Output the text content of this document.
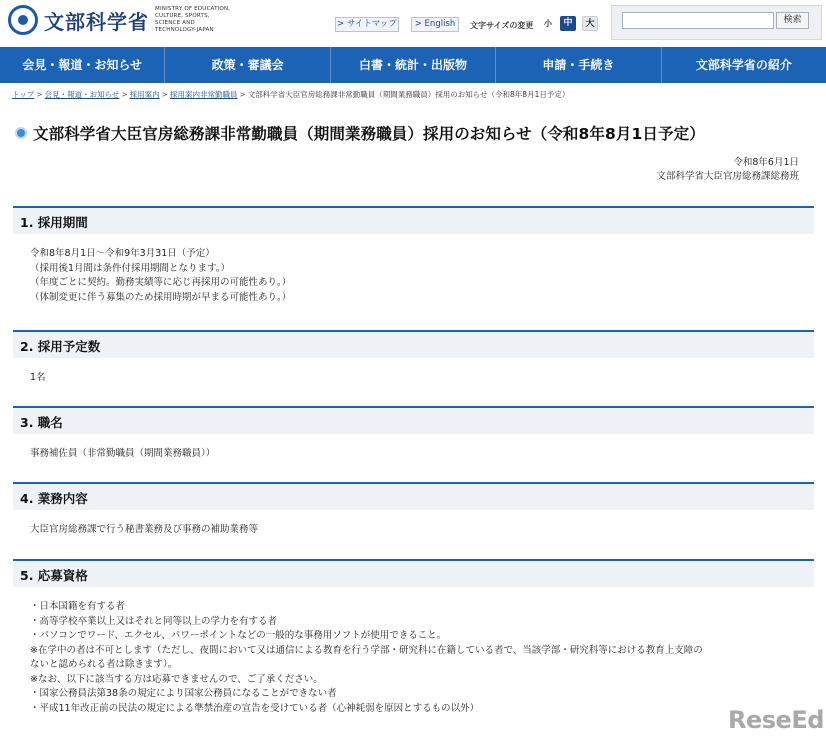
文部科学省
MINISTRY OF EDUCATION,
CULTURE, SPORTS,
SCIENCE AND TECHNOLOGY-JAPAN
> サイトマップ	> English	文字サイズの変更 小	中	大	検索
会見・報道・お知らせ	政策・審議会	白書・統計・出版物	申請・手続き	文部科学省の紹介
トップ > 会見・報道・お知らせ > 採用案内 > 採用案内非常勤職員 > 文部科学省大臣官房総務課非常勤職員（期間業務職員）採用のお知らせ（令和8年8月1日予定）
文部科学省大臣官房総務課非常勤職員（期間業務職員）採用のお知らせ（令和8年8月1日予定）
令和8年6月1日
文部科学省大臣官房総務課総務班
1. 採用期間
令和8年8月1日～令和9年3月31日（予定）
（採用後1月間は条件付採用期間となります。）
（年度ごとに契約。勤務実績等に応じ再採用の可能性あり。）
（体制変更に伴う募集のため採用時期が早まる可能性あり。）
2. 採用予定数
1名
3. 職名
事務補佐員（非常勤職員（期間業務職員））
4. 業務内容
大臣官房総務課で行う秘書業務及び事務の補助業務等
5. 応募資格
・日本国籍を有する者
・高等学校卒業以上又はそれと同等以上の学力を有する者
・パソコンでワード、エクセル、パワーポイントなどの一般的な事務用ソフトが使用できること。
※在学中の者は不可とします（ただし、夜間において又は通信による教育を行う学部・研究科に在籍している者で、当該学部・研究科等における教育上支障の
ないと認められる者は除きます）。
※なお、以下に該当する方は応募できませんので、ご了承ください。
・国家公務員法第38条の規定により国家公務員になることができない者
・平成11年改正前の民法の規定による準禁治産の宣告を受けている者（心神耗弱を原因とするもの以外）	ReseEd
